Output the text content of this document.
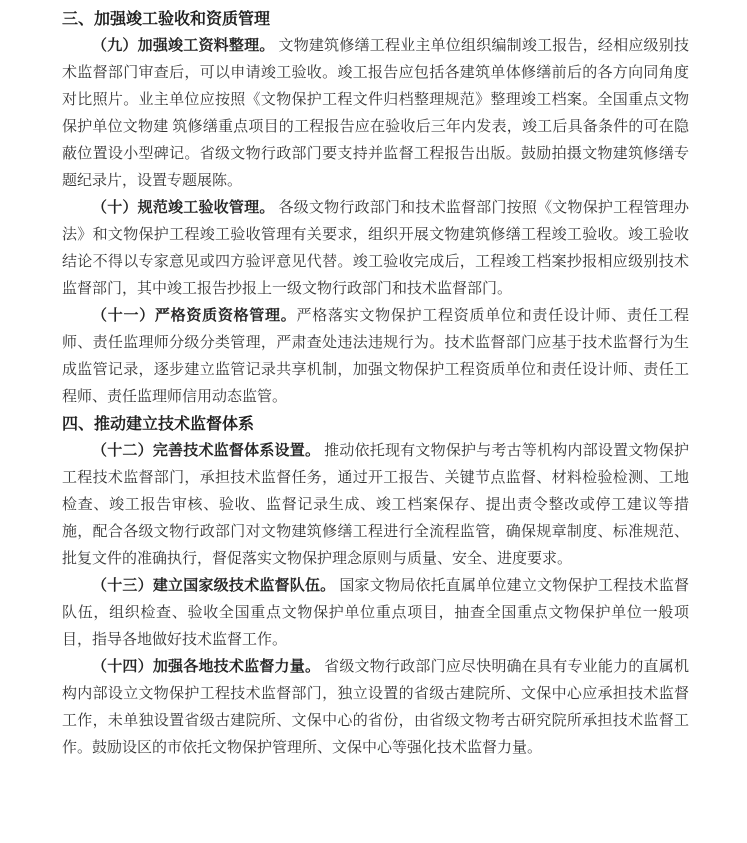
三、加强竣工验收和资质管理

（九）加强竣工资料整理。 文物建筑修缮工程业主单位组织编制竣工报告，经相应级别技术监督部门审查后，可以申请竣工验收。竣工报告应包括各建筑单体修缮前后的各方向同角度对比照片。业主单位应按照《文物保护工程文件归档整理规范》整理竣工档案。全国重点文物保护单位文物建 筑修缮重点项目的工程报告应在验收后三年内发表，竣工后具备条件的可在隐蔽位置设小型碑记。省级文物行政部门要支持并监督工程报告出版。鼓励拍摄文物建筑修缮专题纪录片，设置专题展陈。

（十）规范竣工验收管理。 各级文物行政部门和技术监督部门按照《文物保护工程管理办法》和文物保护工程竣工验收管理有关要求，组织开展文物建筑修缮工程竣工验收。竣工验收结论不得以专家意见或四方验评意见代替。竣工验收完成后，工程竣工档案抄报相应级别技术监督部门，其中竣工报告抄报上一级文物行政部门和技术监督部门。

（十一）严格资质资格管理。严格落实文物保护工程资质单位和责任设计师、责任工程师、责任监理师分级分类管理，严肃查处违法违规行为。技术监督部门应基于技术监督行为生成监管记录，逐步建立监管记录共享机制，加强文物保护工程资质单位和责任设计师、责任工程师、责任监理师信用动态监管。

四、推动建立技术监督体系

（十二）完善技术监督体系设置。 推动依托现有文物保护与考古等机构内部设置文物保护工程技术监督部门，承担技术监督任务，通过开工报告、关键节点监督、材料检验检测、工地检查、竣工报告审核、验收、监督记录生成、竣工档案保存、提出责令整改或停工建议等措施，配合各级文物行政部门对文物建筑修缮工程进行全流程监管，确保规章制度、标准规范、批复文件的准确执行，督促落实文物保护理念原则与质量、安全、进度要求。

（十三）建立国家级技术监督队伍。 国家文物局依托直属单位建立文物保护工程技术监督队伍，组织检查、验收全国重点文物保护单位重点项目，抽查全国重点文物保护单位一般项目，指导各地做好技术监督工作。

（十四）加强各地技术监督力量。 省级文物行政部门应尽快明确在具有专业能力的直属机构内部设立文物保护工程技术监督部门，独立设置的省级古建院所、文保中心应承担技术监督工作，未单独设置省级古建院所、文保中心的省份，由省级文物考古研究院所承担技术监督工作。鼓励设区的市依托文物保护管理所、文保中心等强化技术监督力量。
